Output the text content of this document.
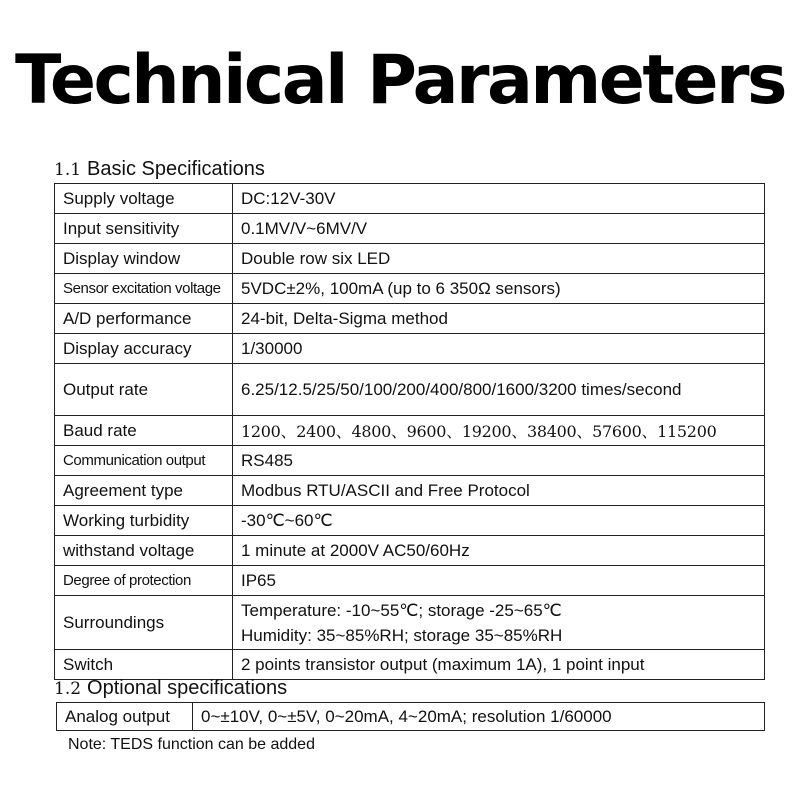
Technical Parameters
1.1 Basic Specifications
Supply voltage	DC:12V-30V
Input sensitivity	0.1MV/V~6MV/V
Display window	Double row six LED
Sensor excitation voltage	5VDC±2%, 100mA (up to 6 350Ω sensors)
A/D performance	24-bit, Delta-Sigma method
Display accuracy	1/30000
Output rate	6.25/12.5/25/50/100/200/400/800/1600/3200 times/second
Baud rate	1200、2400、4800、9600、19200、38400、57600、115200
Communication output	RS485
Agreement type	Modbus RTU/ASCII and Free Protocol
Working turbidity	-30℃~60℃
withstand voltage	1 minute at 2000V AC50/60Hz
Degree of protection	IP65
Surroundings	Temperature: -10~55℃; storage -25~65℃
Humidity: 35~85%RH; storage 35~85%RH

Switch	2 points transistor output (maximum 1A), 1 point input
1.2 Optional specifications
Analog output	0~±10V, 0~±5V, 0~20mA, 4~20mA; resolution 1/60000
Note: TEDS function can be added
